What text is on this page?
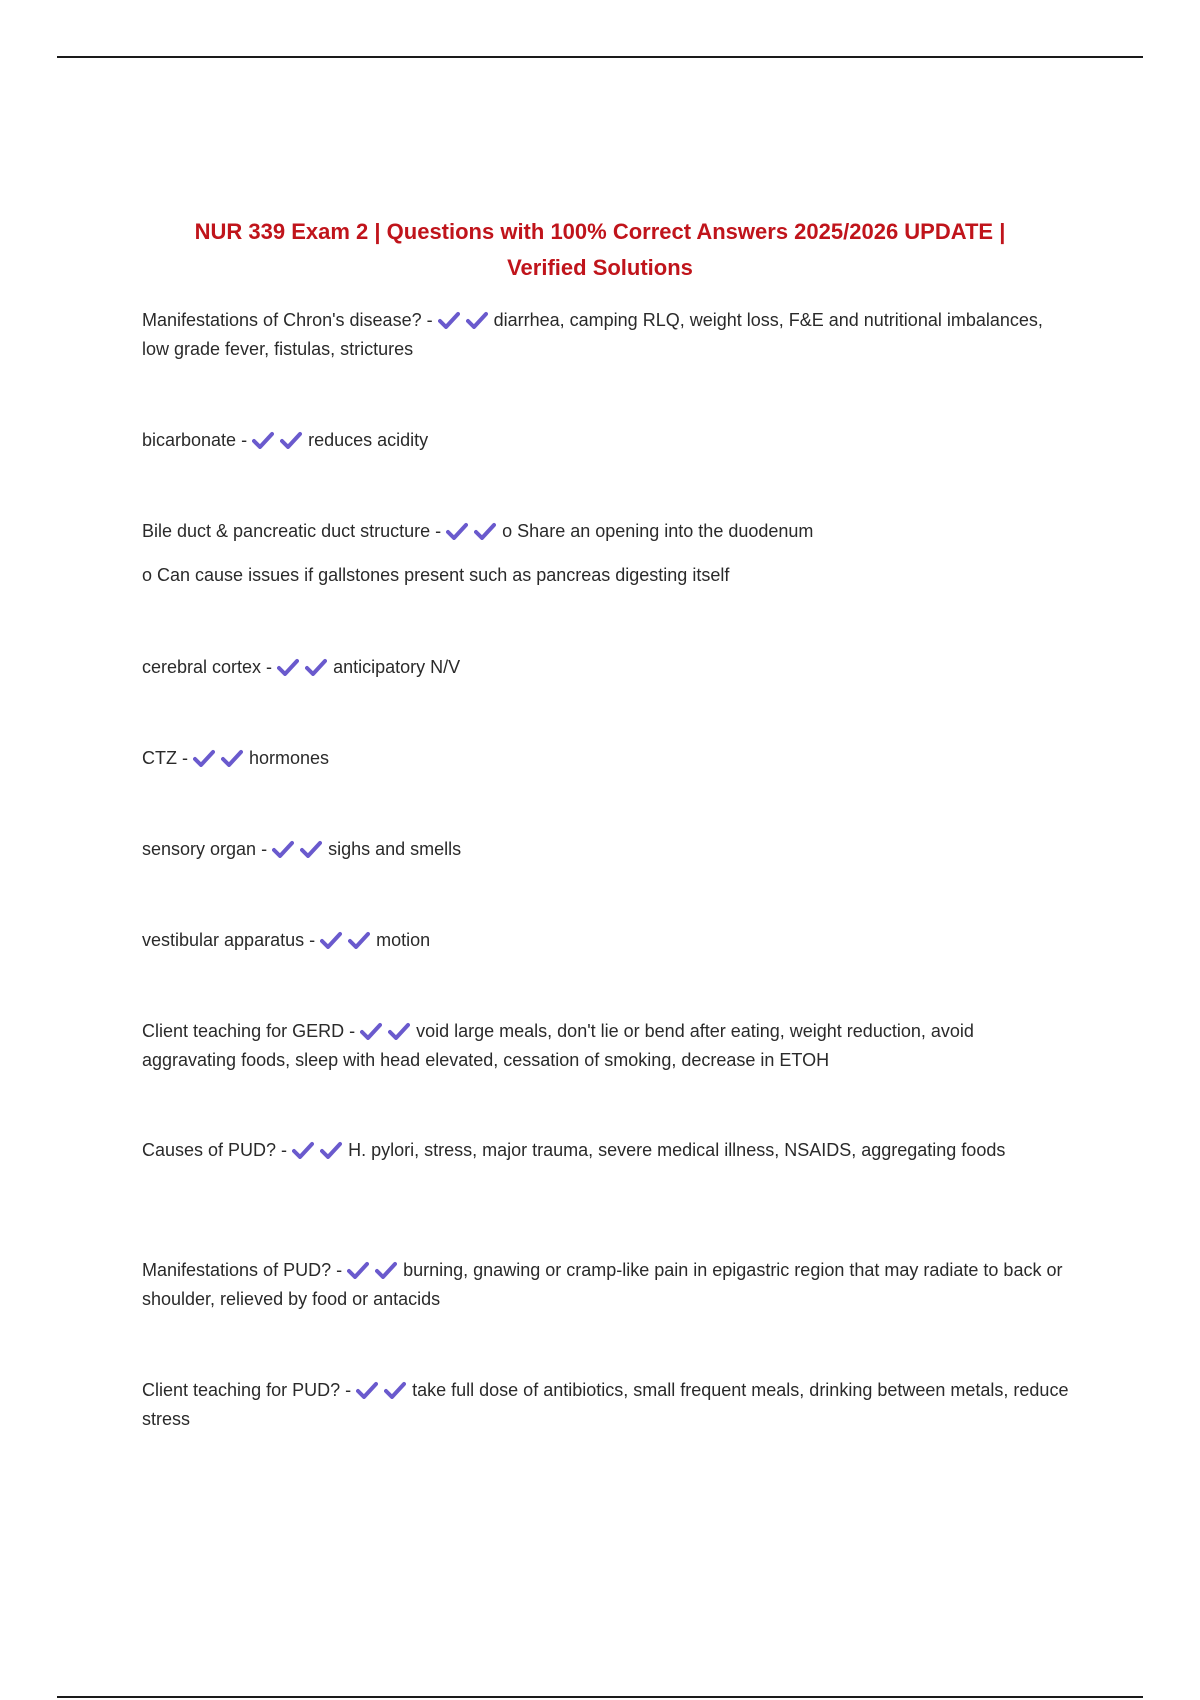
NUR 339 Exam 2 | Questions with 100% Correct Answers 2025/2026 UPDATE |
Verified Solutions
Manifestations of Chron's disease? -	diarrhea, camping RLQ, weight loss, F&E and nutritional imbalances, low grade fever, fistulas, strictures
bicarbonate -	reduces acidity
Bile duct & pancreatic duct structure -	o Share an opening into the duodenum
o Can cause issues if gallstones present such as pancreas digesting itself
cerebral cortex -	anticipatory N/V
CTZ -	hormones
sensory organ -	sighs and smells
vestibular apparatus -	motion
Client teaching for GERD -	void large meals, don't lie or bend after eating, weight reduction, avoid aggravating foods, sleep with head elevated, cessation of smoking, decrease in ETOH
Causes of PUD? -	H. pylori, stress, major trauma, severe medical illness, NSAIDS, aggregating foods
Manifestations of PUD? -	burning, gnawing or cramp-like pain in epigastric region that may radiate to back or shoulder, relieved by food or antacids
Client teaching for PUD? -	take full dose of antibiotics, small frequent meals, drinking between metals, reduce stress
